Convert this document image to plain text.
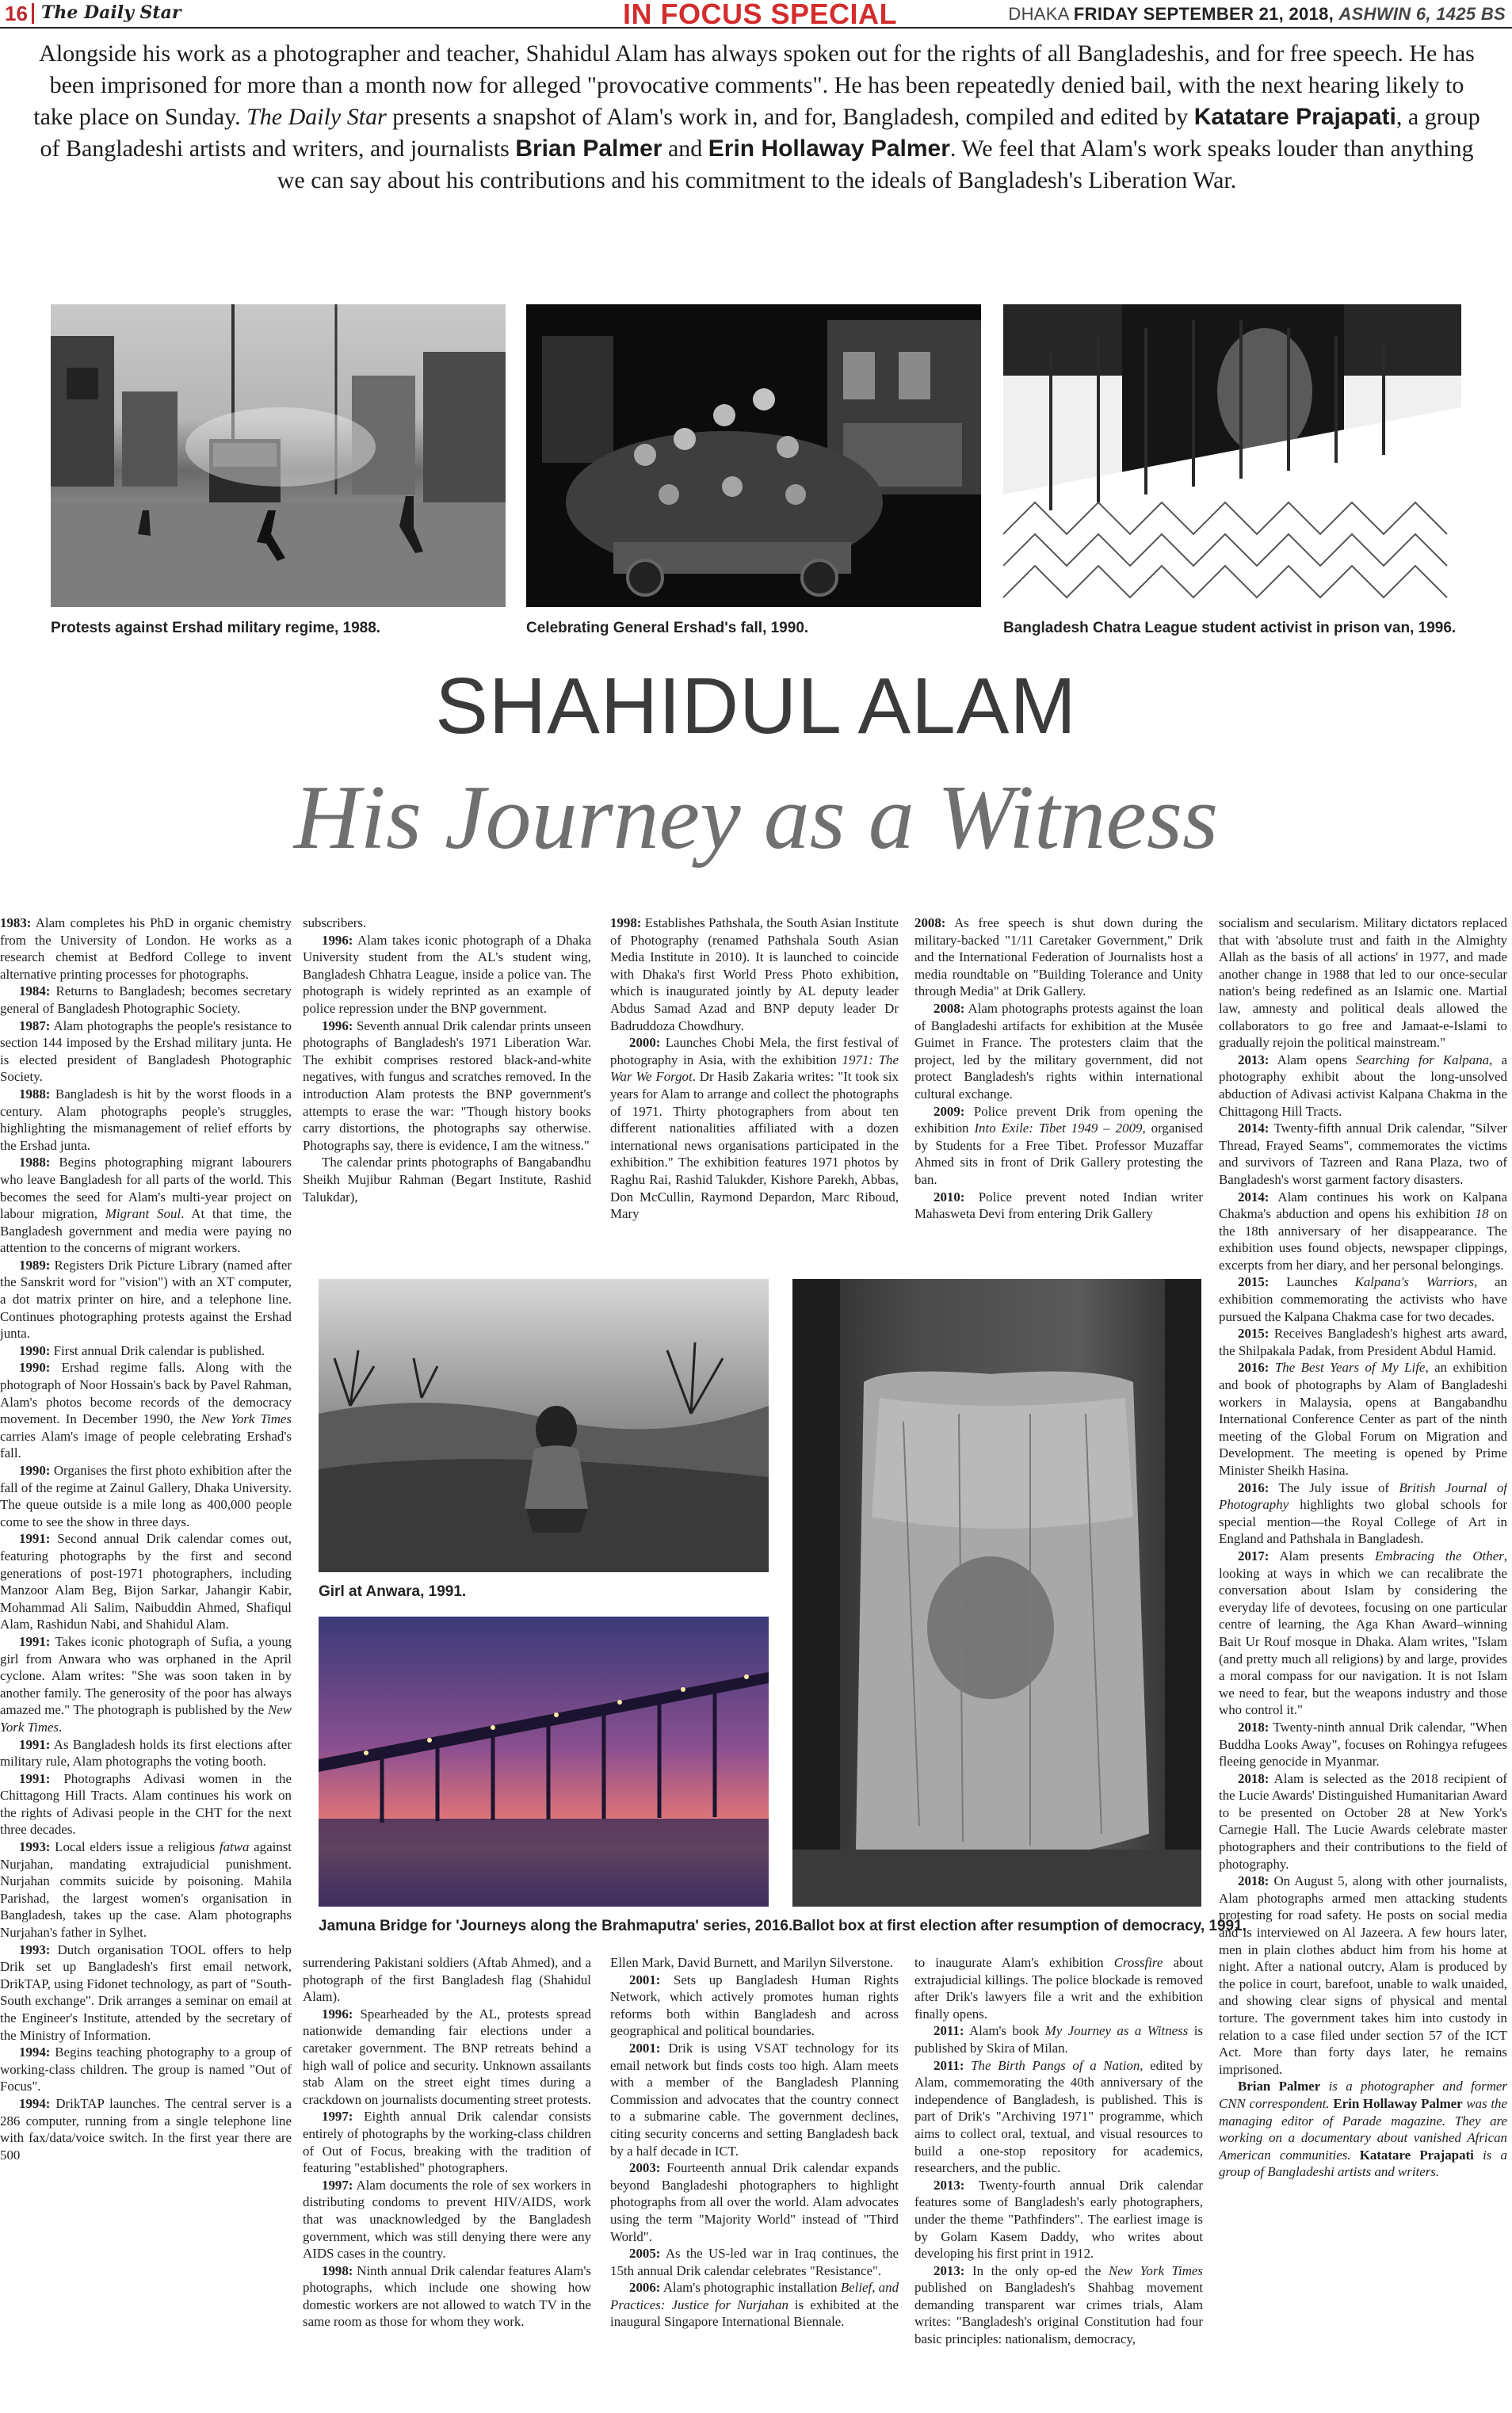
16 The Daily Star	IN FOCUS SPECIAL	DHAKA FRIDAY SEPTEMBER 21, 2018, ASHWIN 6, 1425 BS

Alongside his work as a photographer and teacher, Shahidul Alam has always spoken out for the rights of all Bangladeshis, and for free speech. He has been imprisoned for more than a month now for alleged "provocative comments". He has been repeatedly denied bail, with the next hearing likely to take place on Sunday. The Daily Star presents a snapshot of Alam's work in, and for, Bangladesh, compiled and edited by Katatare Prajapati, a group of Bangladeshi artists and writers, and journalists Brian Palmer and Erin Hollaway Palmer. We feel that Alam's work speaks louder than anything we can say about his contributions and his commitment to the ideals of Bangladesh's Liberation War.

Protests against Ershad military regime, 1988.	Celebrating General Ershad's fall, 1990.	Bangladesh Chatra League student activist in prison van, 1996.
SHAHIDUL ALAM
His Journey as a Witness

1983: Alam completes his PhD in organic chemistry from the University of London. He works as a research chemist at Bedford College to invent alternative printing processes for photographs.

1984: Returns to Bangladesh; becomes secretary general of Bangladesh Photographic Society.

1987: Alam photographs the people's resistance to section 144 imposed by the Ershad military junta. He is elected president of Bangladesh Photographic Society.

1988: Bangladesh is hit by the worst floods in a century. Alam photographs people's struggles, highlighting the mismanagement of relief efforts by the Ershad junta.

1988: Begins photographing migrant labourers who leave Bangladesh for all parts of the world. This becomes the seed for Alam's multi-year project on labour migration, Migrant Soul. At that time, the Bangladesh government and media were paying no attention to the concerns of migrant workers.

1989: Registers Drik Picture Library (named after the Sanskrit word for "vision") with an XT computer, a dot matrix printer on hire, and a telephone line. Continues photographing protests against the Ershad junta.

1990: First annual Drik calendar is published.

1990: Ershad regime falls. Along with the photograph of Noor Hossain's back by Pavel Rahman, Alam's photos become records of the democracy movement. In December 1990, the New York Times carries Alam's image of people celebrating Ershad's fall.

1990: Organises the first photo exhibition after the fall of the regime at Zainul Gallery, Dhaka University. The queue outside is a mile long as 400,000 people come to see the show in three days.

1991: Second annual Drik calendar comes out, featuring photographs by the first and second generations of post-1971 photographers, including Manzoor Alam Beg, Bijon Sarkar, Jahangir Kabir, Mohammad Ali Salim, Naibuddin Ahmed, Shafiqul Alam, Rashidun Nabi, and Shahidul Alam.

1991: Takes iconic photograph of Sufia, a young girl from Anwara who was orphaned in the April cyclone. Alam writes: "She was soon taken in by another family. The generosity of the poor has always amazed me." The photograph is published by the New York Times.

1991: As Bangladesh holds its first elections after military rule, Alam photographs the voting booth.

1991: Photographs Adivasi women in the Chittagong Hill Tracts. Alam continues his work on the rights of Adivasi people in the CHT for the next three decades.

1993: Local elders issue a religious fatwa against Nurjahan, mandating extrajudicial punishment. Nurjahan commits suicide by poisoning. Mahila Parishad, the largest women's organisation in Bangladesh, takes up the case. Alam photographs Nurjahan's father in Sylhet.

1993: Dutch organisation TOOL offers to help Drik set up Bangladesh's first email network, DrikTAP, using Fidonet technology, as part of "South-South exchange". Drik arranges a seminar on email at the Engineer's Institute, attended by the secretary of the Ministry of Information.

1994: Begins teaching photography to a group of working-class children. The group is named "Out of Focus".

1994: DrikTAP launches. The central server is a 286 computer, running from a single telephone line with fax/data/voice switch. In the first year there are 500

subscribers.

1996: Alam takes iconic photograph of a Dhaka University student from the AL's student wing, Bangladesh Chhatra League, inside a police van. The photograph is widely reprinted as an example of police repression under the BNP government.

1996: Seventh annual Drik calendar prints unseen photographs of Bangladesh's 1971 Liberation War. The exhibit comprises restored black-and-white negatives, with fungus and scratches removed. In the introduction Alam protests the BNP government's attempts to erase the war: "Though history books carry distortions, the photographs say otherwise. Photographs say, there is evidence, I am the witness."

The calendar prints photographs of Bangabandhu Sheikh Mujibur Rahman (Begart Institute, Rashid Talukdar),

1998: Establishes Pathshala, the South Asian Institute of Photography (renamed Pathshala South Asian Media Institute in 2010). It is launched to coincide with Dhaka's first World Press Photo exhibition, which is inaugurated jointly by AL deputy leader Abdus Samad Azad and BNP deputy leader Dr Badruddoza Chowdhury.

2000: Launches Chobi Mela, the first festival of photography in Asia, with the exhibition 1971: The War We Forgot. Dr Hasib Zakaria writes: "It took six years for Alam to arrange and collect the photographs of 1971. Thirty photographers from about ten different nationalities affiliated with a dozen international news organisations participated in the exhibition." The exhibition features 1971 photos by Raghu Rai, Rashid Talukder, Kishore Parekh, Abbas, Don McCullin, Raymond Depardon, Marc Riboud, Mary

2008: As free speech is shut down during the military-backed "1/11 Caretaker Government," Drik and the International Federation of Journalists host a media roundtable on "Building Tolerance and Unity through Media" at Drik Gallery.

2008: Alam photographs protests against the loan of Bangladeshi artifacts for exhibition at the Musée Guimet in France. The protesters claim that the project, led by the military government, did not protect Bangladesh's rights within international cultural exchange.

2009: Police prevent Drik from opening the exhibition Into Exile: Tibet 1949 – 2009, organised by Students for a Free Tibet. Professor Muzaffar Ahmed sits in front of Drik Gallery protesting the ban.

2010: Police prevent noted Indian writer Mahasweta Devi from entering Drik Gallery

socialism and secularism. Military dictators replaced that with 'absolute trust and faith in the Almighty Allah as the basis of all actions' in 1977, and made another change in 1988 that led to our once-secular nation's being redefined as an Islamic one. Martial law, amnesty and political deals allowed the collaborators to go free and Jamaat-e-Islami to gradually rejoin the political mainstream."

2013: Alam opens Searching for Kalpana, a photography exhibit about the long-unsolved abduction of Adivasi activist Kalpana Chakma in the Chittagong Hill Tracts.

2014: Twenty-fifth annual Drik calendar, "Silver Thread, Frayed Seams", commemorates the victims and survivors of Tazreen and Rana Plaza, two of Bangladesh's worst garment factory disasters.

2014: Alam continues his work on Kalpana Chakma's abduction and opens his exhibition 18 on the 18th anniversary of her disappearance. The exhibition uses found objects, newspaper clippings, excerpts from her diary, and her personal belongings.

2015: Launches Kalpana's Warriors, an exhibition commemorating the activists who have pursued the Kalpana Chakma case for two decades.

2015: Receives Bangladesh's highest arts award, the Shilpakala Padak, from President Abdul Hamid.

2016: The Best Years of My Life, an exhibition and book of photographs by Alam of Bangladeshi workers in Malaysia, opens at Bangabandhu International Conference Center as part of the ninth meeting of the Global Forum on Migration and Development. The meeting is opened by Prime Minister Sheikh Hasina.

2016: The July issue of British Journal of Photography highlights two global schools for special mention—the Royal College of Art in England and Pathshala in Bangladesh.

2017: Alam presents Embracing the Other, looking at ways in which we can recalibrate the conversation about Islam by considering the everyday life of devotees, focusing on one particular centre of learning, the Aga Khan Award–winning Bait Ur Rouf mosque in Dhaka. Alam writes, "Islam (and pretty much all religions) by and large, provides a moral compass for our navigation. It is not Islam we need to fear, but the weapons industry and those who control it."

2018: Twenty-ninth annual Drik calendar, "When Buddha Looks Away", focuses on Rohingya refugees fleeing genocide in Myanmar.

2018: Alam is selected as the 2018 recipient of the Lucie Awards' Distinguished Humanitarian Award to be presented on October 28 at New York's Carnegie Hall. The Lucie Awards celebrate master photographers and their contributions to the field of photography.

2018: On August 5, along with other journalists, Alam photographs armed men attacking students protesting for road safety. He posts on social media and is interviewed on Al Jazeera. A few hours later, men in plain clothes abduct him from his home at night. After a national outcry, Alam is produced by the police in court, barefoot, unable to walk unaided, and showing clear signs of physical and mental torture. The government takes him into custody in relation to a case filed under section 57 of the ICT Act. More than forty days later, he remains imprisoned.

Brian Palmer is a photographer and former CNN correspondent. Erin Hollaway Palmer was the managing editor of Parade magazine. They are working on a documentary about vanished African American communities. Katatare Prajapati is a group of Bangladeshi artists and writers.

Girl at Anwara, 1991.
Jamuna Bridge for 'Journeys along the Brahmaputra' series, 2016. Ballot box at first election after resumption of democracy, 1991.

surrendering Pakistani soldiers (Aftab Ahmed), and a photograph of the first Bangladesh flag (Shahidul Alam).

1996: Spearheaded by the AL, protests spread nationwide demanding fair elections under a caretaker government. The BNP retreats behind a high wall of police and security. Unknown assailants stab Alam on the street eight times during a crackdown on journalists documenting street protests.

1997: Eighth annual Drik calendar consists entirely of photographs by the working-class children of Out of Focus, breaking with the tradition of featuring "established" photographers.

1997: Alam documents the role of sex workers in distributing condoms to prevent HIV/AIDS, work that was unacknowledged by the Bangladesh government, which was still denying there were any AIDS cases in the country.

1998: Ninth annual Drik calendar features Alam's photographs, which include one showing how domestic workers are not allowed to watch TV in the same room as those for whom they work.

Ellen Mark, David Burnett, and Marilyn Silverstone.

2001: Sets up Bangladesh Human Rights Network, which actively promotes human rights reforms both within Bangladesh and across geographical and political boundaries.

2001: Drik is using VSAT technology for its email network but finds costs too high. Alam meets with a member of the Bangladesh Planning Commission and advocates that the country connect to a submarine cable. The government declines, citing security concerns and setting Bangladesh back by a half decade in ICT.

2003: Fourteenth annual Drik calendar expands beyond Bangladeshi photographers to highlight photographs from all over the world. Alam advocates using the term "Majority World" instead of "Third World".

2005: As the US-led war in Iraq continues, the 15th annual Drik calendar celebrates "Resistance".

2006: Alam's photographic installation Belief, and Practices: Justice for Nurjahan is exhibited at the inaugural Singapore International Biennale.

to inaugurate Alam's exhibition Crossfire about extrajudicial killings. The police blockade is removed after Drik's lawyers file a writ and the exhibition finally opens.

2011: Alam's book My Journey as a Witness is published by Skira of Milan.

2011: The Birth Pangs of a Nation, edited by Alam, commemorating the 40th anniversary of the independence of Bangladesh, is published. This is part of Drik's "Archiving 1971" programme, which aims to collect oral, textual, and visual resources to build a one-stop repository for academics, researchers, and the public.

2013: Twenty-fourth annual Drik calendar features some of Bangladesh's early photographers, under the theme "Pathfinders". The earliest image is by Golam Kasem Daddy, who writes about developing his first print in 1912.

2013: In the only op-ed the New York Times published on Bangladesh's Shahbag movement demanding transparent war crimes trials, Alam writes: "Bangladesh's original Constitution had four basic principles: nationalism, democracy,
